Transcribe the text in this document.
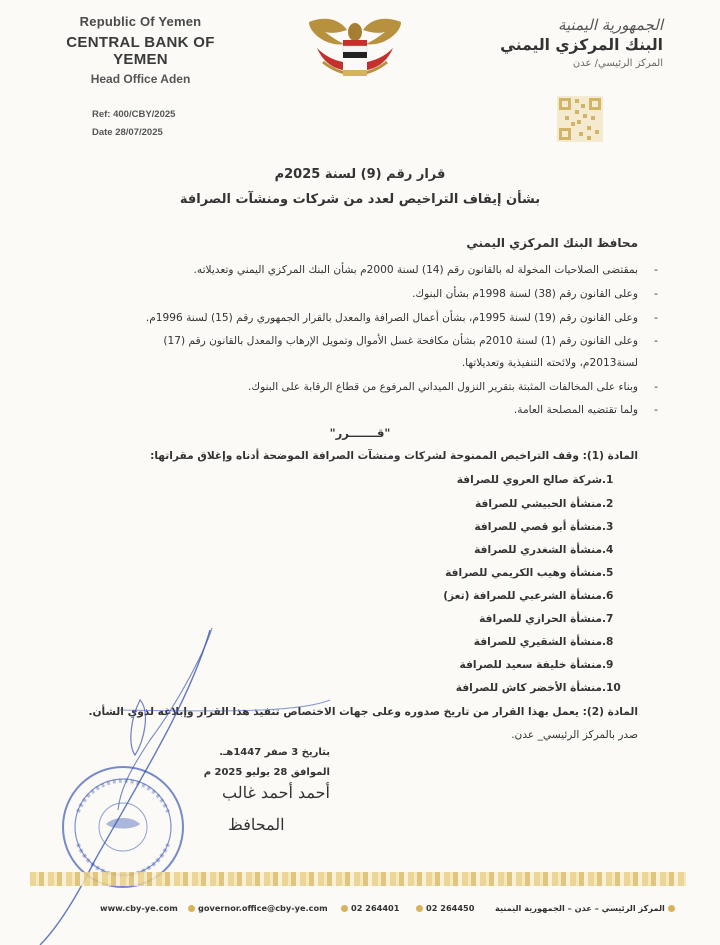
Republic Of Yemen
CENTRAL BANK OF YEMEN
Head Office Aden
Ref: 400/CBY/2025
Date 28/07/2025
الجمهورية اليمنية
البنك المركزي اليمني
المركز الرئيسي/ عدن
قرار رقم (9) لسنة 2025م
بشأن إيقاف التراخيص لعدد من شركات ومنشآت الصرافة
محافظ البنك المركزي اليمني
- بمقتضى الصلاحيات المخولة له بالقانون رقم (14) لسنة 2000م بشأن البنك المركزي اليمني وتعديلاته.
- وعلى القانون رقم (38) لسنة 1998م بشأن البنوك.
- وعلى القانون رقم (19) لسنة 1995م، بشأن أعمال الصرافة والمعدل بالقرار الجمهوري رقم (15) لسنة 1996م.
- وعلى القانون رقم (1) لسنة 2010م بشأن مكافحة غسل الأموال وتمويل الإرهاب والمعدل بالقانون رقم (17)
لسنة2013م، ولائحته التنفيذية وتعديلاتها.
- وبناء على المخالفات المثبتة بتقرير النزول الميداني المرفوع من قطاع الرقابة على البنوك.
- ولما تقتضيه المصلحة العامة.
"قـــــــرر"
المادة (1): وقف التراخيص الممنوحة لشركات ومنشآت الصرافة الموضحة أدناه وإغلاق مقراتها:
1.شركة صالح العروي للصرافة
2.منشأة الحبيشي للصرافة
3.منشأة أبو قصي للصرافة
4.منشأة الشغدري للصرافة
5.منشأة وهيب الكريمي للصرافة
6.منشأة الشرعبي للصرافة (تعز)
7.منشأة الحرازي للصرافة
8.منشأة الشقيري للصرافة
9.منشأة خليفة سعيد للصرافة
10.منشأة الأخضر كاش للصرافة
المادة (2): يعمل بهذا القرار من تاريخ صدوره وعلى جهات الاختصاص تنفيذ هذا القرار وإبلاغه لذوي الشأن.
صدر بالمركز الرئيسي_ عدن.
بتاريخ 3 صفر 1447هـ.
الموافق 28 يوليو 2025 م
أحمد أحمد غالب
المحافظ
www.cby-ye.com	governor.office@cby-ye.com	02 264401	02 264450	المركز الرئيسي – عدن – الجمهورية اليمنية
